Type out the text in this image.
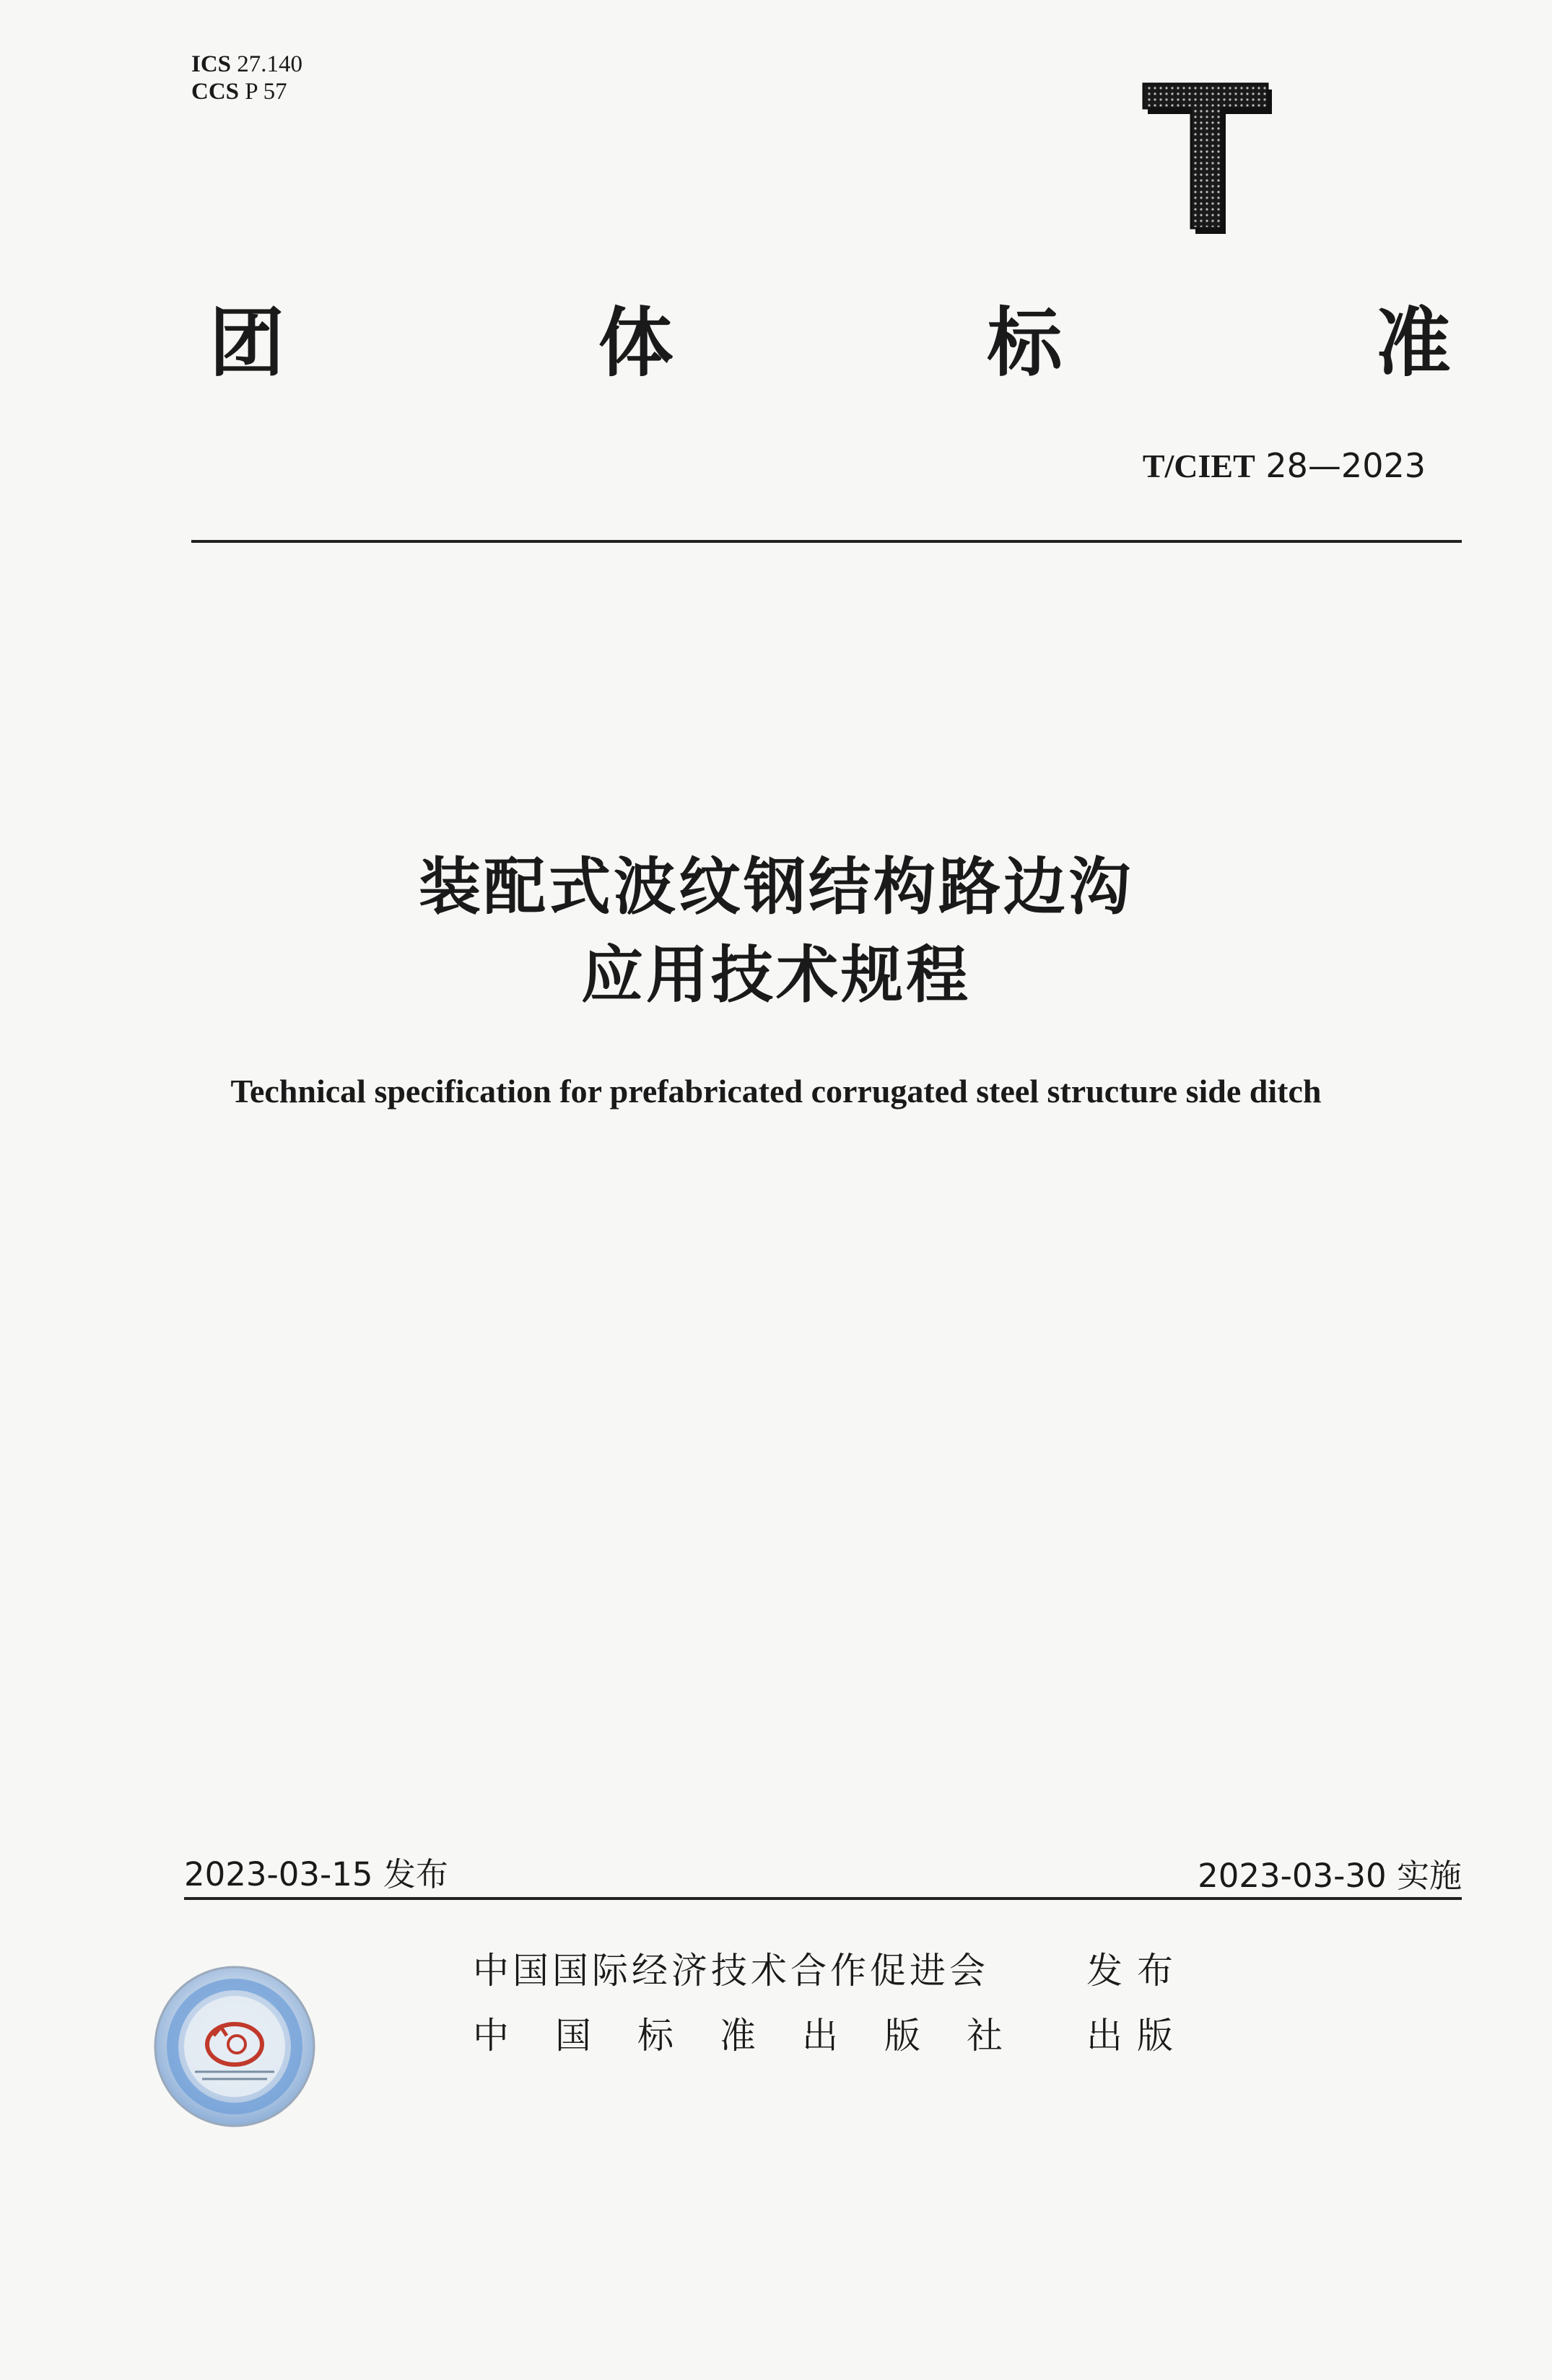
ICS 27.140
CCS P 57	T
团	体	标	准
T/CIET 28—2023
装配式波纹钢结构路边沟
应用技术规程
Technical specification for prefabricated corrugated steel structure side ditch
2023-03-15 发布	2023-03-30 实施
中国国际经济技术合作促进会	发布
中国标准出版社 出版
